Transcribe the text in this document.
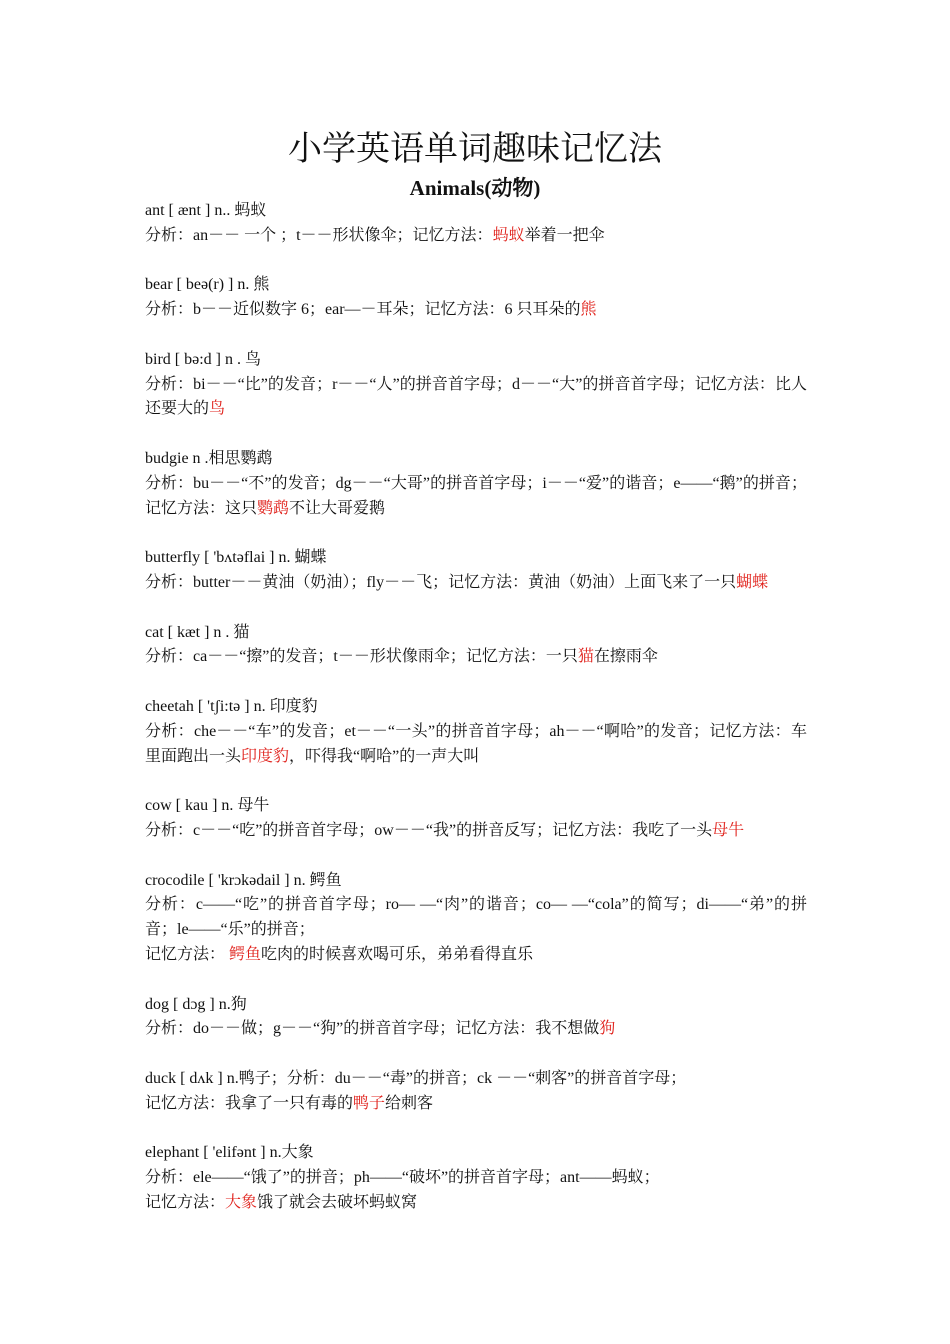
小学英语单词趣味记忆法
Animals(动物)
ant [ ænt ] n.. 蚂蚁
分析：an－－ 一个 ；t－－形状像伞；记忆方法：蚂蚁举着一把伞
bear [ beə(r) ] n. 熊
分析：b－－近似数字 6；ear—－耳朵；记忆方法：6 只耳朵的熊
bird [ bə:d ] n . 鸟
分析：bi－－“比”的发音；r－－“人”的拼音首字母；d－－“大”的拼音首字母；记忆方法：比人还要大的鸟
budgie n .相思鹦鹉
分析：bu－－“不”的发音；dg－－“大哥”的拼音首字母；i－－“爱”的谐音；e——“鹅”的拼音；记忆方法：这只鹦鹉不让大哥爱鹅
butterfly [ 'bʌtəflai ] n. 蝴蝶
分析：butter－－黄油（奶油）；fly－－飞；记忆方法：黄油（奶油）上面飞来了一只蝴蝶
cat [ kæt ] n . 猫
分析：ca－－“擦”的发音；t－－形状像雨伞；记忆方法：一只猫在擦雨伞
cheetah [ 'tʃi:tə ] n. 印度豹
分析：che－－“车”的发音；et－－“一头”的拼音首字母；ah－－“啊哈”的发音；记忆方法：车里面跑出一头印度豹，吓得我“啊哈”的一声大叫
cow [ kau ] n. 母牛
分析：c－－“吃”的拼音首字母；ow－－“我”的拼音反写；记忆方法：我吃了一头母牛
crocodile [ 'krɔkədail ] n. 鳄鱼
分析：c——“吃”的拼音首字母；ro— —“肉”的谐音；co— —“cola”的简写；di——“弟”的拼音；le——“乐”的拼音；
记忆方法： 鳄鱼吃肉的时候喜欢喝可乐，弟弟看得直乐
dog [ dɔg ] n.狗
分析：do－－做；g－－“狗”的拼音首字母；记忆方法：我不想做狗
duck [ dʌk ] n.鸭子；分析：du－－“毒”的拼音；ck －－“刺客”的拼音首字母；
记忆方法：我拿了一只有毒的鸭子给刺客
elephant [ 'elifənt ] n.大象
分析：ele——“饿了”的拼音；ph——“破坏”的拼音首字母；ant——蚂蚁；
记忆方法：大象饿了就会去破坏蚂蚁窝
